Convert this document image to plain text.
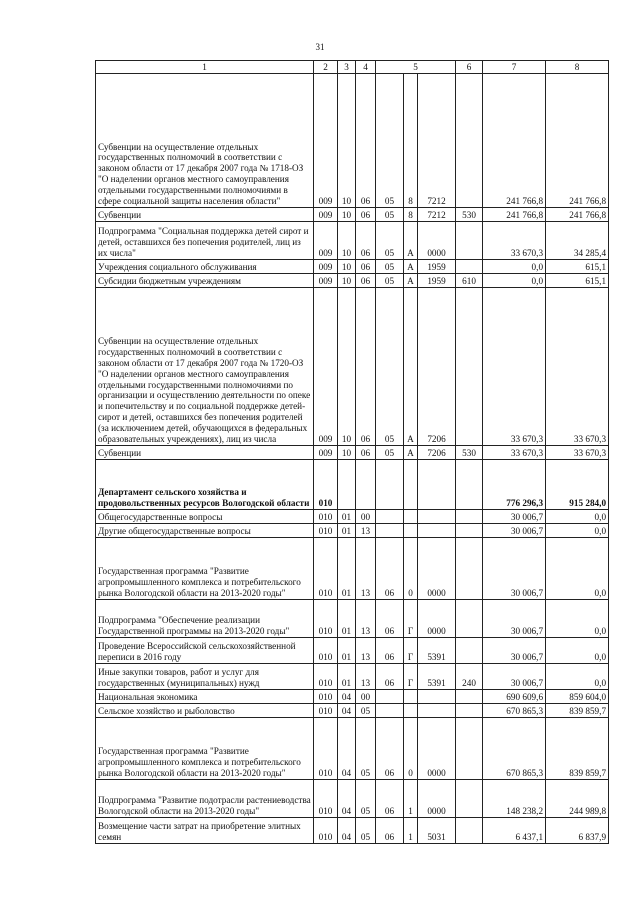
31
1	2	3	4	5			6	7	8
Субвенции на осуществление отдельных государственных полномочий в соответствии с законом области от 17 декабря 2007 года № 1718-ОЗ "О наделении органов местного самоуправления отдельными государственными полномочиями в сфере социальной защиты населения области"	009	10	06	05	8	7212		241 766,8	241 766,8
Субвенции	009	10	06	05	8	7212	530	241 766,8	241 766,8
Подпрограмма "Социальная поддержка детей сирот и детей, оставшихся без попечения родителей, лиц из их числа"	009	10	06	05	А	0000		33 670,3	34 285,4
Учреждения социального обслуживания	009	10	06	05	А	1959		0,0	615,1
Субсидии бюджетным учреждениям	009	10	06	05	А	1959	610	0,0	615,1
Субвенции на осуществление отдельных государственных полномочий в соответствии с законом области от 17 декабря 2007 года № 1720-ОЗ "О наделении органов местного самоуправления отдельными государственными полномочиями по организации и осуществлению деятельности по опеке и попечительству и по социальной поддержке детей-сирот и детей, оставшихся без попечения родителей (за исключением детей, обучающихся в федеральных образовательных учреждениях), лиц из числа	009	10	06	05	А	7206		33 670,3	33 670,3
Субвенции	009	10	06	05	А	7206	530	33 670,3	33 670,3
Департамент сельского хозяйства и продовольственных ресурсов Вологодской области	010							776 296,3	915 284,0
Общегосударственные вопросы	010	01	00					30 006,7	0,0
Другие общегосударственные вопросы	010	01	13					30 006,7	0,0
Государственная программа "Развитие агропромышленного комплекса и потребительского рынка Вологодской области на 2013-2020 годы"	010	01	13	06	0	0000		30 006,7	0,0
Подпрограмма "Обеспечение реализации Государственной программы на 2013-2020 годы"	010	01	13	06	Г	0000		30 006,7	0,0
Проведение Всероссийской сельскохозяйственной переписи в 2016 году	010	01	13	06	Г	5391		30 006,7	0,0
Иные закупки товаров, работ и услуг для государственных (муниципальных) нужд	010	01	13	06	Г	5391	240	30 006,7	0,0
Национальная экономика	010	04	00					690 609,6	859 604,0
Сельское хозяйство и рыболовство	010	04	05					670 865,3	839 859,7
Государственная программа "Развитие агропромышленного комплекса и потребительского рынка Вологодской области на 2013-2020 годы"	010	04	05	06	0	0000		670 865,3	839 859,7
Подпрограмма "Развитие подотрасли растениеводства Вологодской области на 2013-2020 годы"	010	04	05	06	1	0000		148 238,2	244 989,8
Возмещение части затрат на приобретение элитных семян	010	04	05	06	1	5031		6 437,1	6 837,9
